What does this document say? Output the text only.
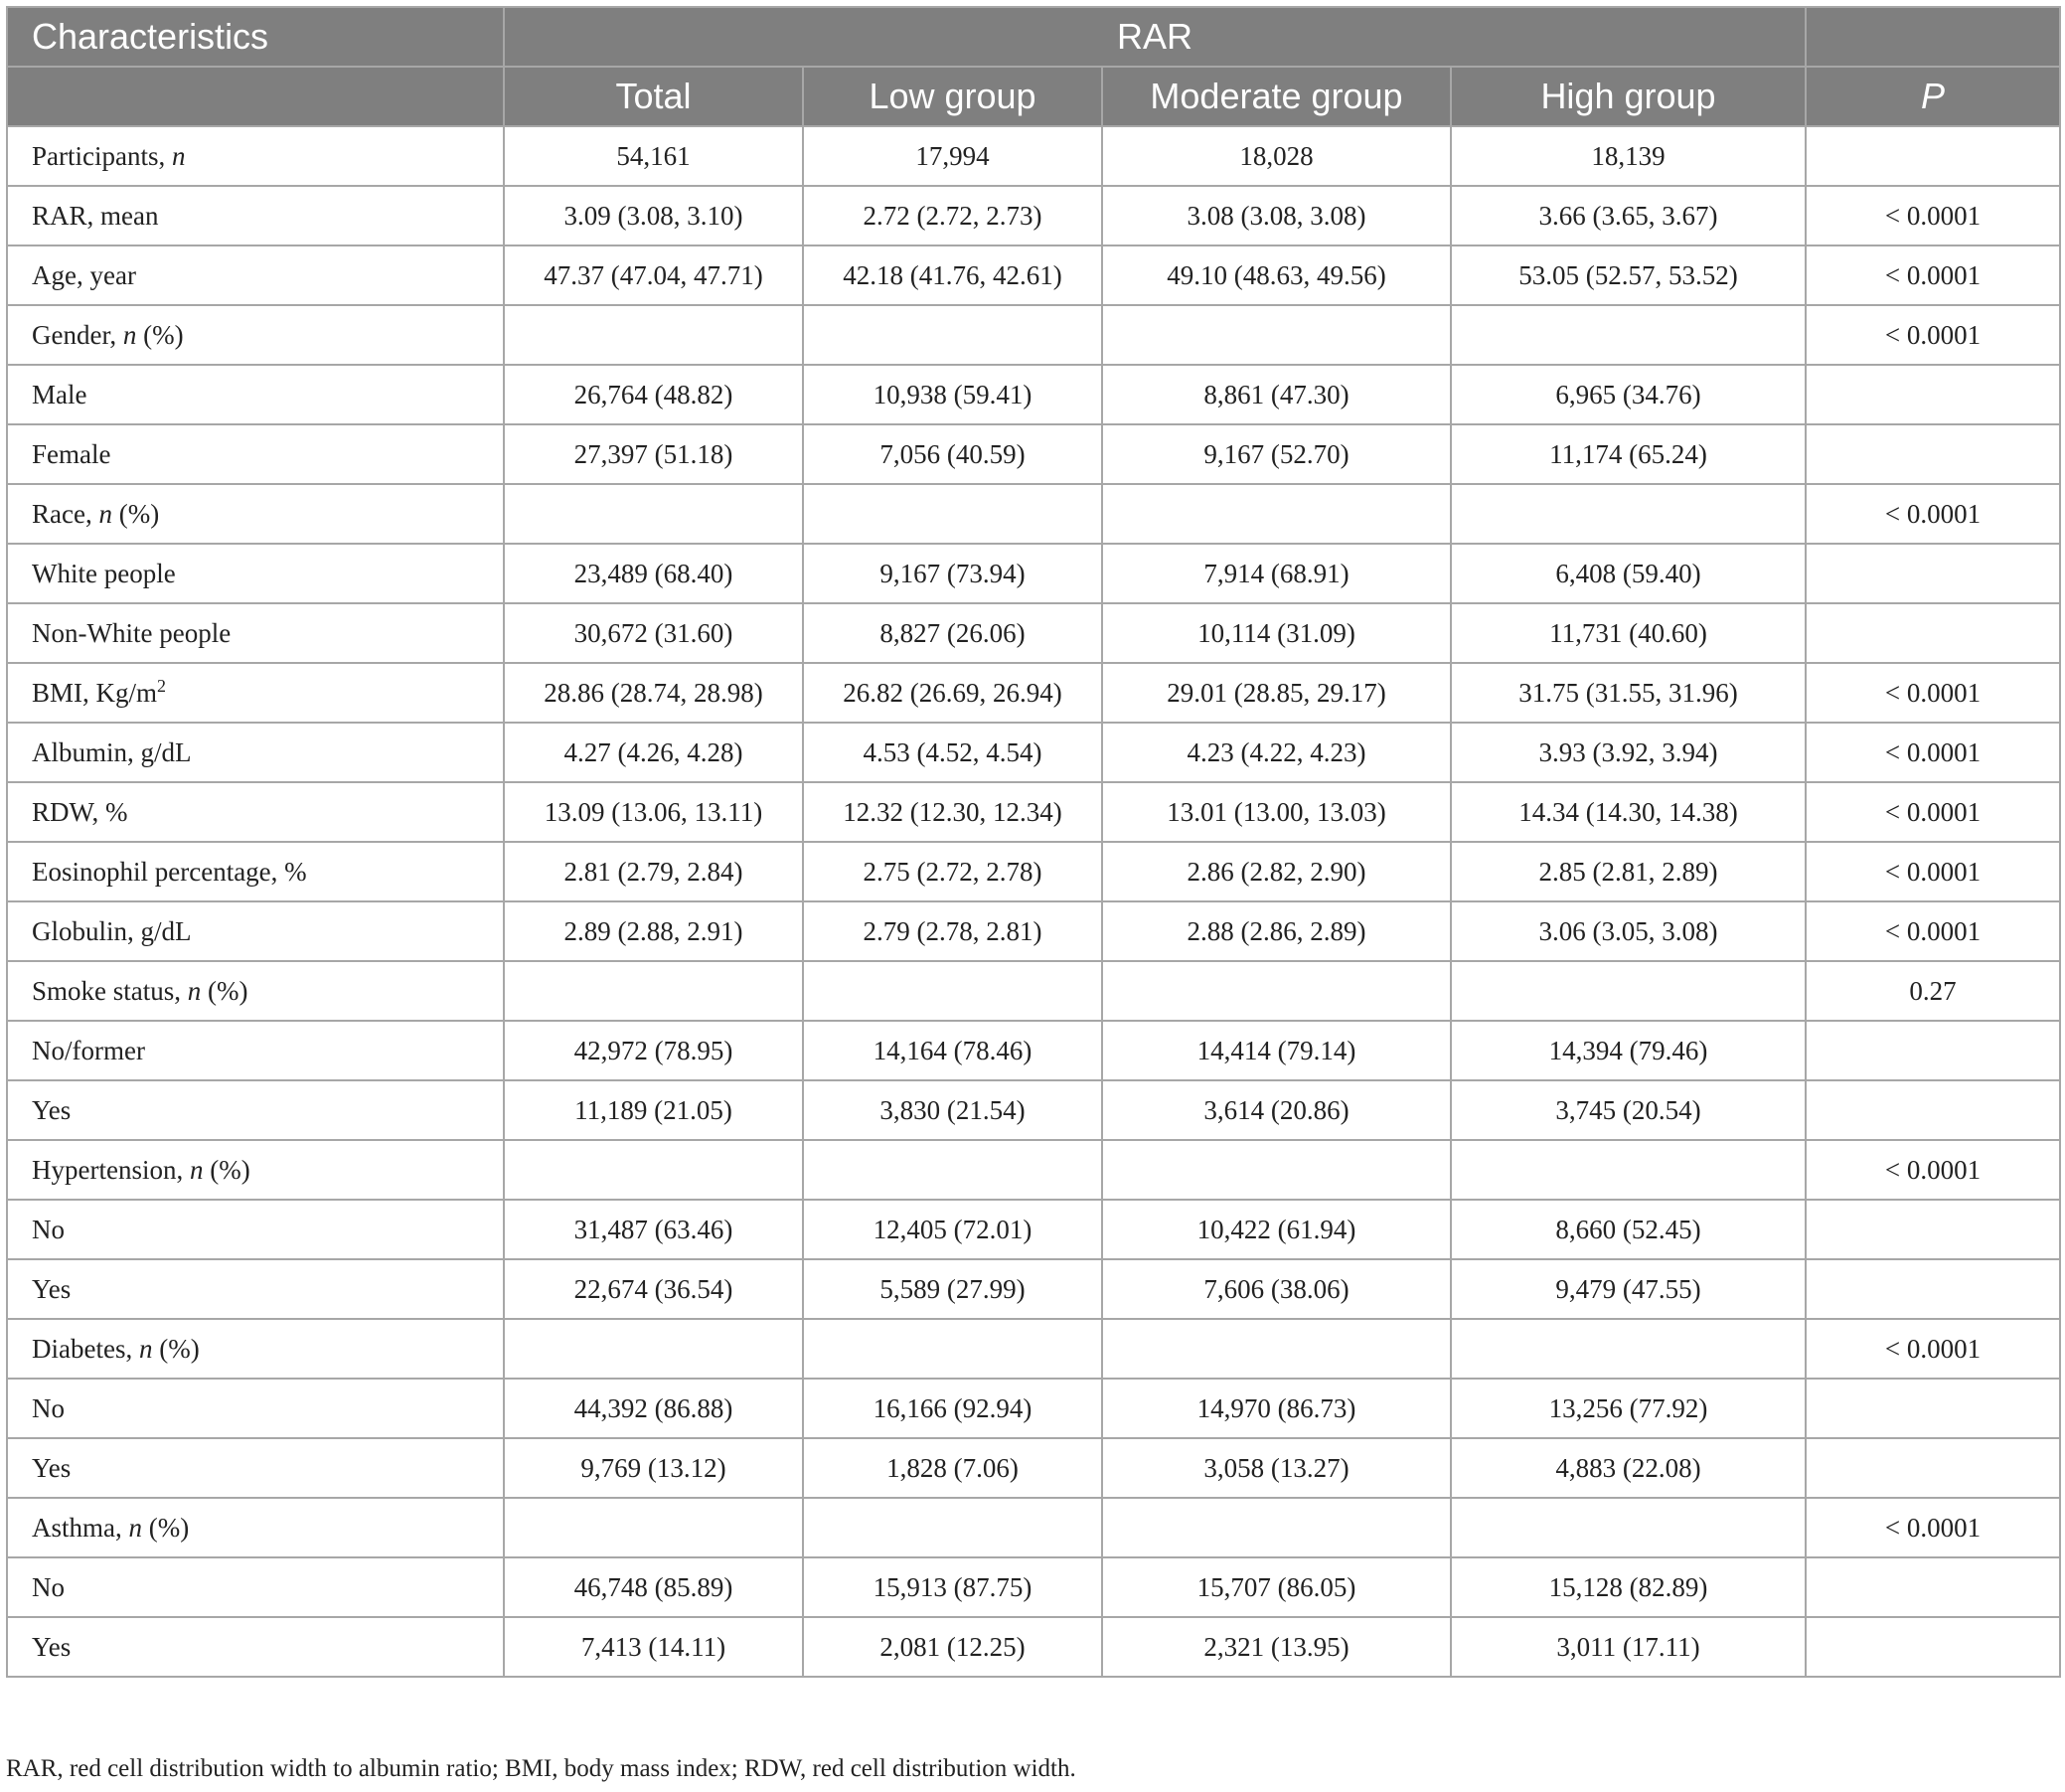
Characteristics	RAR				
	Total	Low group	Moderate group	High group	P
Participants, n	54,161	17,994	18,028	18,139	
RAR, mean	3.09 (3.08, 3.10)	2.72 (2.72, 2.73)	3.08 (3.08, 3.08)	3.66 (3.65, 3.67)	< 0.0001
Age, year	47.37 (47.04, 47.71)	42.18 (41.76, 42.61)	49.10 (48.63, 49.56)	53.05 (52.57, 53.52)	< 0.0001
Gender, n (%)					< 0.0001
Male	26,764 (48.82)	10,938 (59.41)	8,861 (47.30)	6,965 (34.76)	
Female	27,397 (51.18)	7,056 (40.59)	9,167 (52.70)	11,174 (65.24)	
Race, n (%)					< 0.0001
White people	23,489 (68.40)	9,167 (73.94)	7,914 (68.91)	6,408 (59.40)	
Non-White people	30,672 (31.60)	8,827 (26.06)	10,114 (31.09)	11,731 (40.60)	
BMI, $Kg/m^2$	28.86 (28.74, 28.98)	26.82 (26.69, 26.94)	29.01 (28.85, 29.17)	31.75 (31.55, 31.96)	< 0.0001
Albumin, g/dL	4.27 (4.26, 4.28)	4.53 (4.52, 4.54)	4.23 (4.22, 4.23)	3.93 (3.92, 3.94)	< 0.0001
RDW, %	13.09 (13.06, 13.11)	12.32 (12.30, 12.34)	13.01 (13.00, 13.03)	14.34 (14.30, 14.38)	< 0.0001
Eosinophil percentage, %	2.81 (2.79, 2.84)	2.75 (2.72, 2.78)	2.86 (2.82, 2.90)	2.85 (2.81, 2.89)	< 0.0001
Globulin, g/dL	2.89 (2.88, 2.91)	2.79 (2.78, 2.81)	2.88 (2.86, 2.89)	3.06 (3.05, 3.08)	< 0.0001
Smoke status, n (%)					0.27
No/former	42,972 (78.95)	14,164 (78.46)	14,414 (79.14)	14,394 (79.46)	
Yes	11,189 (21.05)	3,830 (21.54)	3,614 (20.86)	3,745 (20.54)	
Hypertension, n (%)					< 0.0001
No	31,487 (63.46)	12,405 (72.01)	10,422 (61.94)	8,660 (52.45)	
Yes	22,674 (36.54)	5,589 (27.99)	7,606 (38.06)	9,479 (47.55)	
Diabetes, n (%)					< 0.0001
No	44,392 (86.88)	16,166 (92.94)	14,970 (86.73)	13,256 (77.92)	
Yes	9,769 (13.12)	1,828 (7.06)	3,058 (13.27)	4,883 (22.08)	
Asthma, n (%)					< 0.0001
No	46,748 (85.89)	15,913 (87.75)	15,707 (86.05)	15,128 (82.89)	
Yes	7,413 (14.11)	2,081 (12.25)	2,321 (13.95)	3,011 (17.11)	
RAR, red cell distribution width to albumin ratio; BMI, body mass index; RDW, red cell distribution width.
